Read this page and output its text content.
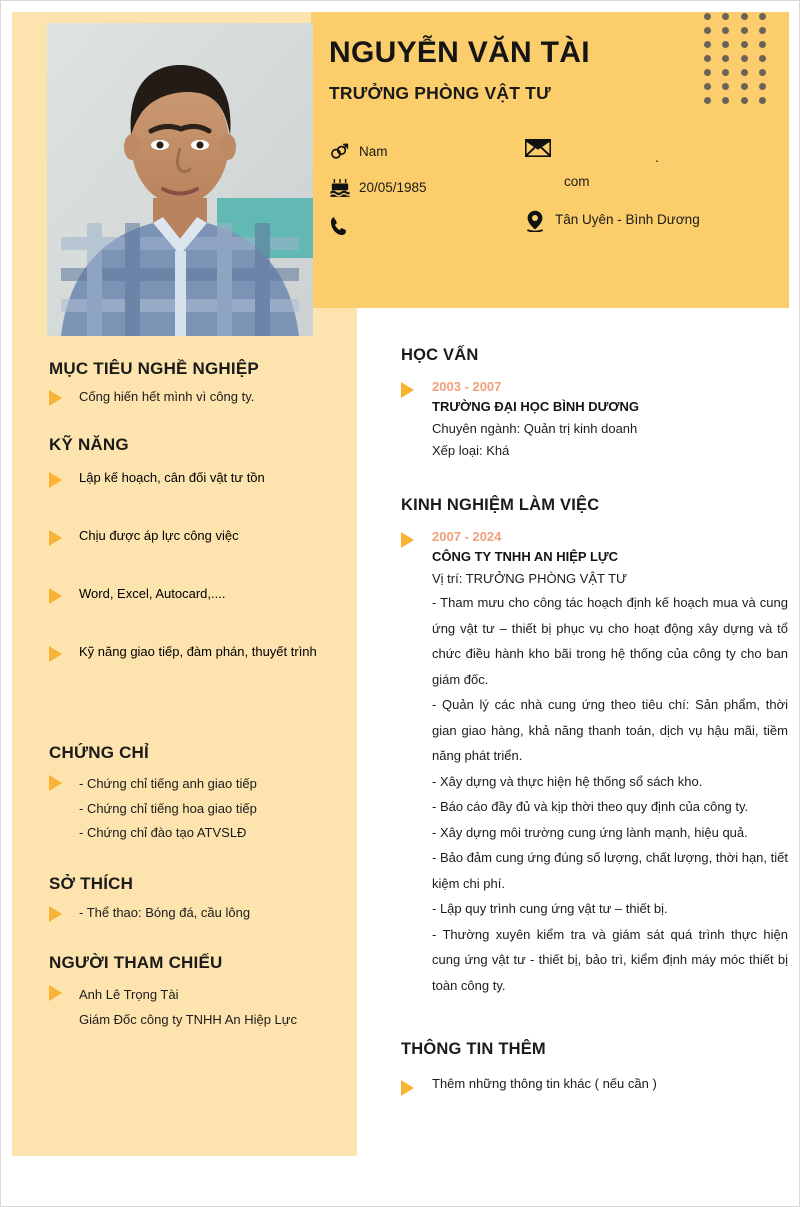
NGUYỄN VĂN TÀI
TRƯỞNG PHÒNG VẬT TƯ
Nam
20/05/1985
Tân Uyên - Bình Dương
.
com
MỤC TIÊU NGHỀ NGHIỆP
Cống hiến hết mình vì công ty.
KỸ NĂNG
Lập kế hoạch, cân đối vật tư tồn
Chịu được áp lực công việc
Word, Excel, Autocard,....
Kỹ năng giao tiếp, đàm phán, thuyết trình
CHỨNG CHỈ
- Chứng chỉ tiếng anh giao tiếp
- Chứng chỉ tiếng hoa giao tiếp
- Chứng chỉ đào tạo ATVSLĐ
SỞ THÍCH
- Thể thao: Bóng đá, cầu lông
NGƯỜI THAM CHIẾU
Anh Lê Trọng Tài
Giám Đốc công ty TNHH An Hiệp Lực
HỌC VẤN
2003 - 2007
TRƯỜNG ĐẠI HỌC BÌNH DƯƠNG
Chuyên ngành: Quản trị kinh doanh
Xếp loại: Khá
KINH NGHIỆM LÀM VIỆC
2007 - 2024
CÔNG TY TNHH AN HIỆP LỰC
Vị trí: TRƯỞNG PHÒNG VẬT TƯ

- Tham mưu cho công tác hoạch định kế hoạch mua và cung ứng vật tư – thiết bị phục vụ cho hoạt động xây dựng và tổ chức điều hành kho bãi trong hệ thống của công ty cho ban giám đốc.

- Quản lý các nhà cung ứng theo tiêu chí: Sản phẩm, thời gian giao hàng, khả năng thanh toán, dịch vụ hậu mãi, tiềm năng phát triển.

- Xây dựng và thực hiện hệ thống sổ sách kho.

- Báo cáo đầy đủ và kịp thời theo quy định của công ty.

- Xây dựng môi trường cung ứng lành mạnh, hiệu quả.

- Bảo đảm cung ứng đúng số lượng, chất lượng, thời hạn, tiết kiệm chi phí.

- Lập quy trình cung ứng vật tư – thiết bị.

- Thường xuyên kiểm tra và giám sát quá trình thực hiện cung ứng vật tư - thiết bị, bảo trì, kiểm định máy móc thiết bị toàn công ty.

THÔNG TIN THÊM
Thêm những thông tin khác ( nếu cần )
